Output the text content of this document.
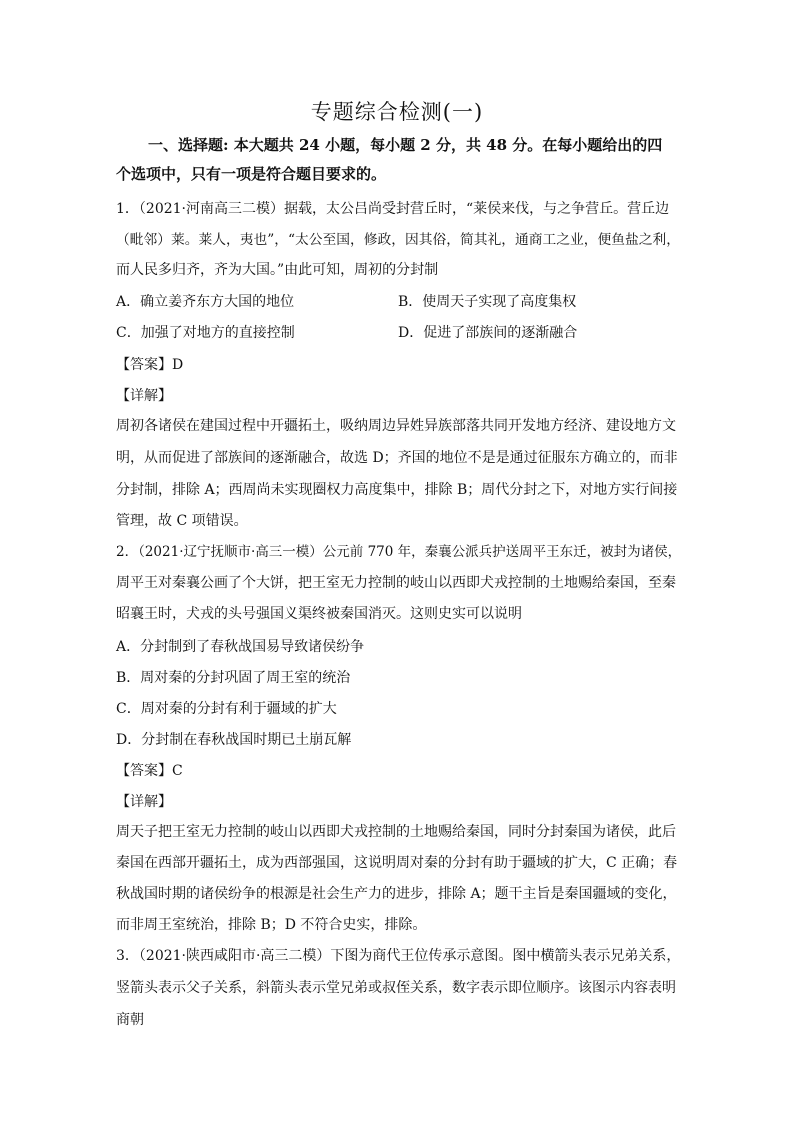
专题综合检测(一)
一、选择题: 本大题共 24 小题，每小题 2 分，共 48 分。在每小题给出的四
个选项中，只有一项是符合题目要求的。
1．（2021·河南高三二模）据载，太公吕尚受封营丘时，“莱侯来伐，与之争营丘。营丘边
（毗邻）莱。莱人，夷也”，“太公至国，修政，因其俗，简其礼，通商工之业，便鱼盐之利，
而人民多归齐，齐为大国。”由此可知，周初的分封制
A．确立姜齐东方大国的地位	B．使周天子实现了高度集权
C．加强了对地方的直接控制	D．促进了部族间的逐渐融合
【答案】D
【详解】
周初各诸侯在建国过程中开疆拓土，吸纳周边异姓异族部落共同开发地方经济、建设地方文
明，从而促进了部族间的逐渐融合，故选 D；齐国的地位不是是通过征服东方确立的，而非
分封制，排除 A；西周尚未实现圈权力高度集中，排除 B；周代分封之下，对地方实行间接
管理，故 C 项错误。
2．（2021·辽宁抚顺市·高三一模）公元前 770 年，秦襄公派兵护送周平王东迁，被封为诸侯，
周平王对秦襄公画了个大饼，把王室无力控制的岐山以西即犬戎控制的土地赐给秦国，至秦
昭襄王时，犬戎的头号强国义渠终被秦国消灭。这则史实可以说明
A．分封制到了春秋战国易导致诸侯纷争
B．周对秦的分封巩固了周王室的统治
C．周对秦的分封有利于疆域的扩大
D．分封制在春秋战国时期已土崩瓦解
【答案】C
【详解】
周天子把王室无力控制的岐山以西即犬戎控制的土地赐给秦国，同时分封秦国为诸侯，此后
秦国在西部开疆拓土，成为西部强国，这说明周对秦的分封有助于疆域的扩大，C 正确；春
秋战国时期的诸侯纷争的根源是社会生产力的进步，排除 A；题干主旨是秦国疆域的变化，
而非周王室统治，排除 B；D 不符合史实，排除。
3．（2021·陕西咸阳市·高三二模）下图为商代王位传承示意图。图中横箭头表示兄弟关系，
竖箭头表示父子关系，斜箭头表示堂兄弟或叔侄关系，数字表示即位顺序。该图示内容表明
商朝
